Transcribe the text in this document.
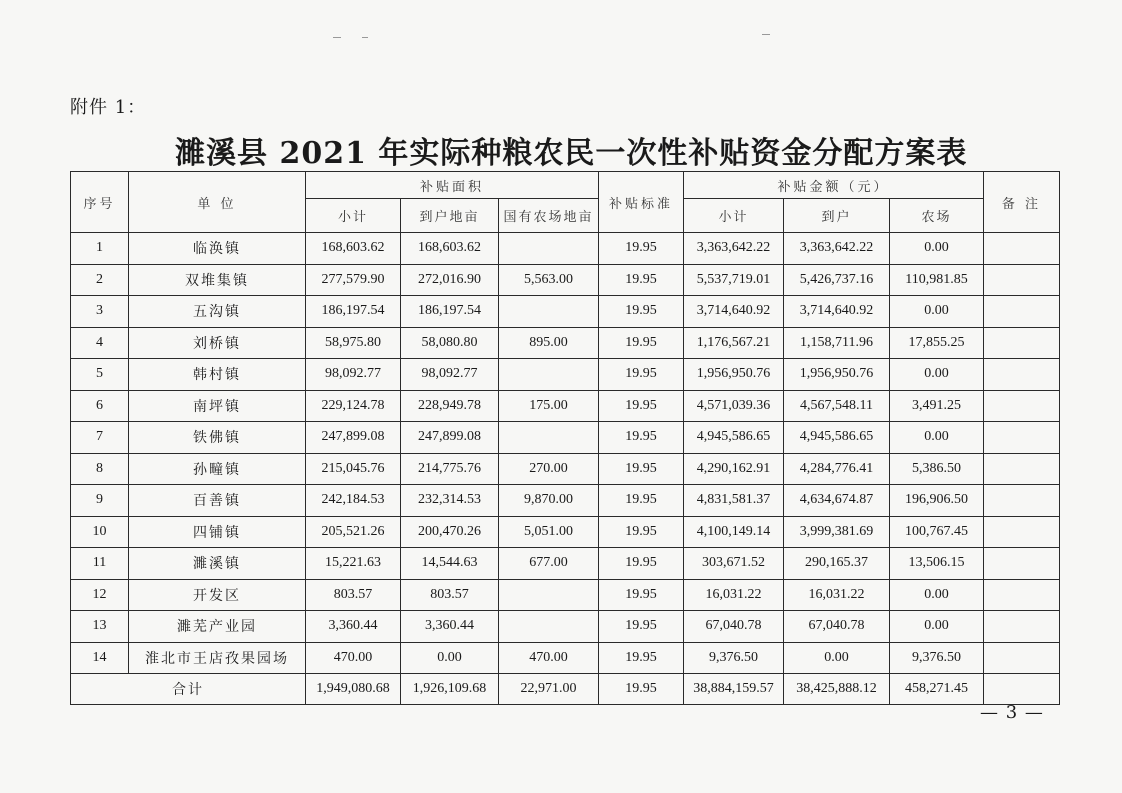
附件 1：
濉溪县 2021 年实际种粮农民一次性补贴资金分配方案表
序号	单 位	补贴面积			补贴标准	补贴金额（元）			备 注
		小计	到户地亩	国有农场地亩		小计	到户	农场	
1	临涣镇	168,603.62	168,603.62		19.95	3,363,642.22	3,363,642.22	0.00	
2	双堆集镇	277,579.90	272,016.90	5,563.00	19.95	5,537,719.01	5,426,737.16	110,981.85	
3	五沟镇	186,197.54	186,197.54		19.95	3,714,640.92	3,714,640.92	0.00	
4	刘桥镇	58,975.80	58,080.80	895.00	19.95	1,176,567.21	1,158,711.96	17,855.25	
5	韩村镇	98,092.77	98,092.77		19.95	1,956,950.76	1,956,950.76	0.00	
6	南坪镇	229,124.78	228,949.78	175.00	19.95	4,571,039.36	4,567,548.11	3,491.25	
7	铁佛镇	247,899.08	247,899.08		19.95	4,945,586.65	4,945,586.65	0.00	
8	孙疃镇	215,045.76	214,775.76	270.00	19.95	4,290,162.91	4,284,776.41	5,386.50	
9	百善镇	242,184.53	232,314.53	9,870.00	19.95	4,831,581.37	4,634,674.87	196,906.50	
10	四铺镇	205,521.26	200,470.26	5,051.00	19.95	4,100,149.14	3,999,381.69	100,767.45	
11	濉溪镇	15,221.63	14,544.63	677.00	19.95	303,671.52	290,165.37	13,506.15	
12	开发区	803.57	803.57		19.95	16,031.22	16,031.22	0.00	
13	濉芜产业园	3,360.44	3,360.44		19.95	67,040.78	67,040.78	0.00	
14	淮北市王店孜果园场	470.00	0.00	470.00	19.95	9,376.50	0.00	9,376.50	
合计		1,949,080.68	1,926,109.68	22,971.00	19.95	38,884,159.57	38,425,888.12	458,271.45	
— 3 —
